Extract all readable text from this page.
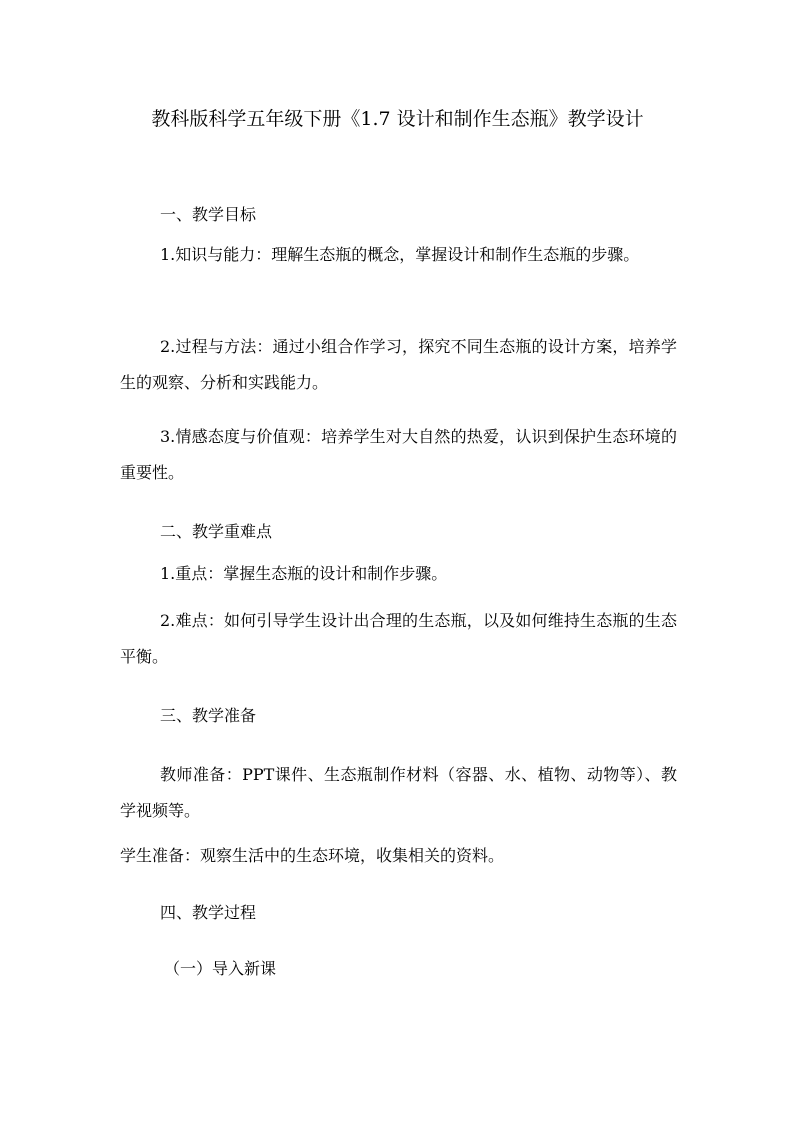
教科版科学五年级下册《1.7 设计和制作生态瓶》教学设计

一、教学目标

1.知识与能力：理解生态瓶的概念，掌握设计和制作生态瓶的步骤。

2.过程与方法：通过小组合作学习，探究不同生态瓶的设计方案，培养学生的观察、分析和实践能力。

3.情感态度与价值观：培养学生对大自然的热爱，认识到保护生态环境的重要性。

二、教学重难点

1.重点：掌握生态瓶的设计和制作步骤。

2.难点：如何引导学生设计出合理的生态瓶，以及如何维持生态瓶的生态平衡。

三、教学准备

教师准备：PPT课件、生态瓶制作材料（容器、水、植物、动物等）、教学视频等。

学生准备：观察生活中的生态环境，收集相关的资料。

四、教学过程

（一）导入新课
